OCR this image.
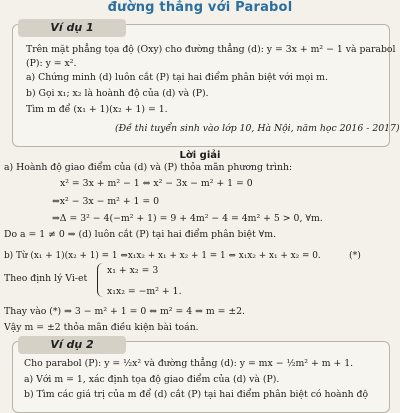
đường thẳng với Parabol
Ví dụ 1
Trên mặt phẳng tọa độ (Oxy) cho đường thẳng (d): y = 3x + m² − 1 và parabol
(P): y = x².
a) Chứng minh (d) luôn cắt (P) tại hai điểm phân biệt với mọi m.
b) Gọi x₁; x₂ là hoành độ của (d) và (P).
Tìm m để (x₁ + 1)(x₂ + 1) = 1.
(Đề thi tuyển sinh vào lớp 10, Hà Nội, năm học 2016 - 2017)
Lời giải
a) Hoành độ giao điểm của (d) và (P) thỏa mãn phương trình:
x² = 3x + m² − 1 ⇔ x² − 3x − m² + 1 = 0
⇔x² − 3x − m² + 1 = 0
⇒Δ = 3² − 4(−m² + 1) = 9 + 4m² − 4 = 4m² + 5 > 0, ∀m.
Do a = 1 ≠ 0 ⇒ (d) luôn cắt (P) tại hai điểm phân biệt ∀m.
b) Từ (x₁ + 1)(x₂ + 1) = 1 ⇔x₁x₂ + x₁ + x₂ + 1 = 1 ⇔ x₁x₂ + x₁ + x₂ = 0.	(*)
Theo định lý Vi-et
x₁ + x₂ = 3
x₁x₂ = −m² + 1.
Thay vào (*) ⇒ 3 − m² + 1 = 0 ⇔ m² = 4 ⇒ m = ±2.
Vậy m = ±2 thỏa mãn điều kiện bài toán.
Ví dụ 2
Cho parabol (P): y = ½x² và đường thẳng (d): y = mx − ½m² + m + 1.
a) Với m = 1, xác định tọa độ giao điểm của (d) và (P).
b) Tìm các giá trị của m để (d) cắt (P) tại hai điểm phân biệt có hoành độ
